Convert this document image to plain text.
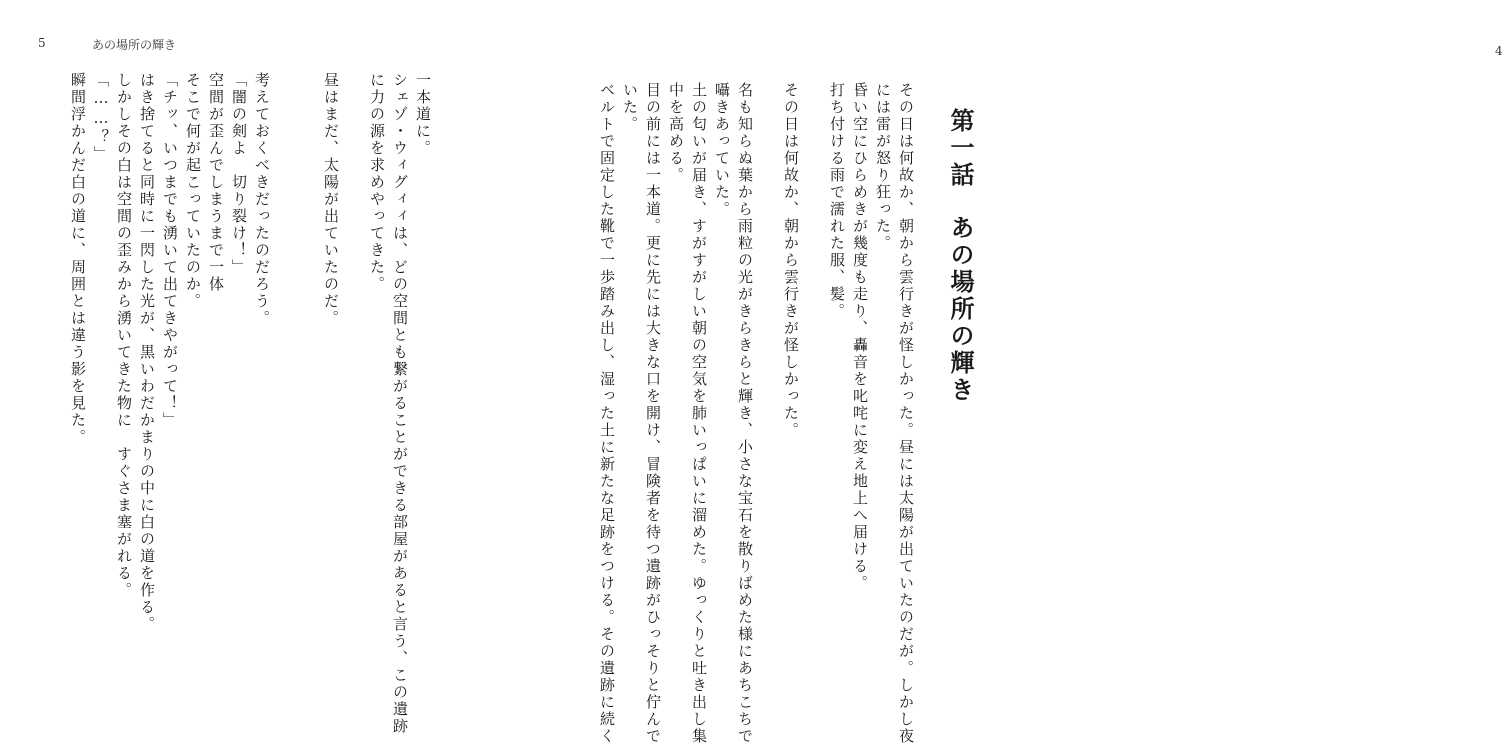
5	あの場所の輝き
一本道に。
シェゾ・ウィグィィは、どの空間とも繋がることができる部屋があると言う、この遺跡
に力の源を求めやってきた。
昼はまだ、太陽が出ていたのだ。
考えておくべきだったのだろう。
「闇の剣よ　切り裂け！」
空間が歪んでしまうまで一体
そこで何が起こっていたのか。
「チッ、いつまでも湧いて出てきやがって！」
はき捨てると同時に一閃した光が、黒いわだかまりの中に白の道を作る。
しかしその白は空間の歪みから湧いてきた物に　すぐさま塞がれる。
「……？」
瞬間浮かんだ白の道に、周囲とは違う影を見た。
4
第一話あの場所の輝き
その日は何故か、朝から雲行きが怪しかった。昼には太陽が出ていたのだが。しかし夜
には雷が怒り狂った。
昏い空にひらめきが幾度も走り、轟音を叱咤に変え地上へ届ける。
打ち付ける雨で濡れた服、髪。
その日は何故か、朝から雲行きが怪しかった。
名も知らぬ葉から雨粒の光がきらきらと輝き、小さな宝石を散りばめた様にあちこちで
囁きあっていた。
土の匂いが届き、すがすがしい朝の空気を肺いっぱいに溜めた。ゆっくりと吐き出し集
中を高める。
目の前には一本道。更に先には大きな口を開け、冒険者を待つ遺跡がひっそりと佇んで
いた。
ベルトで固定した靴で一歩踏み出し、湿った土に新たな足跡をつける。その遺跡に続く
